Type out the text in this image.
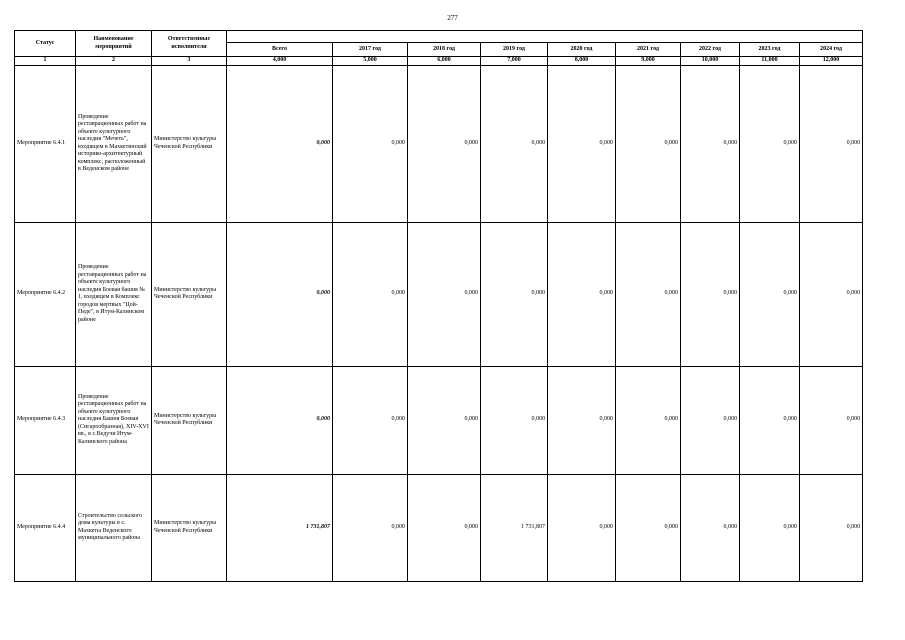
277
Статус	Наименование мероприятий	Ответственные исполнители									
			Всего	2017 год	2018 год	2019 год	2020 год	2021 год	2022 год	2023 год	2024 год
1	2	3	4,000	5,000	6,000	7,000	8,000	9,000	10,000	11,000	12,000
Мероприятие 6.4.1	Проведение реставрационных работ на объекте культурного наследия "Мечеть", входящем в Махкетинский историко-архитектурный комплекс, расположенный в Веденском районе	Министерство культуры Чеченской Республики	0,000	0,000	0,000	0,000	0,000	0,000	0,000	0,000	0,000
Мероприятие 6.4.2	Проведение реставрационных работ на объекте культурного наследия Боевая башня № 1, входящем в Комплекс городов мертвых "Цой-Педе", в Итум-Калинском районе	Министерство культуры Чеченской Республики	0,000	0,000	0,000	0,000	0,000	0,000	0,000	0,000	0,000
Мероприятие 6.4.3	Проведение реставрационных работ на объекте культурного наследия Башня Боевая (Сигарообразная), XIV-XVI вв., в с.Ведучи Итум-Калинского района	Министерство культуры Чеченской Республики	0,000	0,000	0,000	0,000	0,000	0,000	0,000	0,000	0,000
Мероприятие 6.4.4	Строительство сельского дома культуры в с. Махкеты Веденского муниципального района	Министерство культуры Чеченской Республики	1 731,807	0,000	0,000	1 731,807	0,000	0,000	0,000	0,000	0,000
